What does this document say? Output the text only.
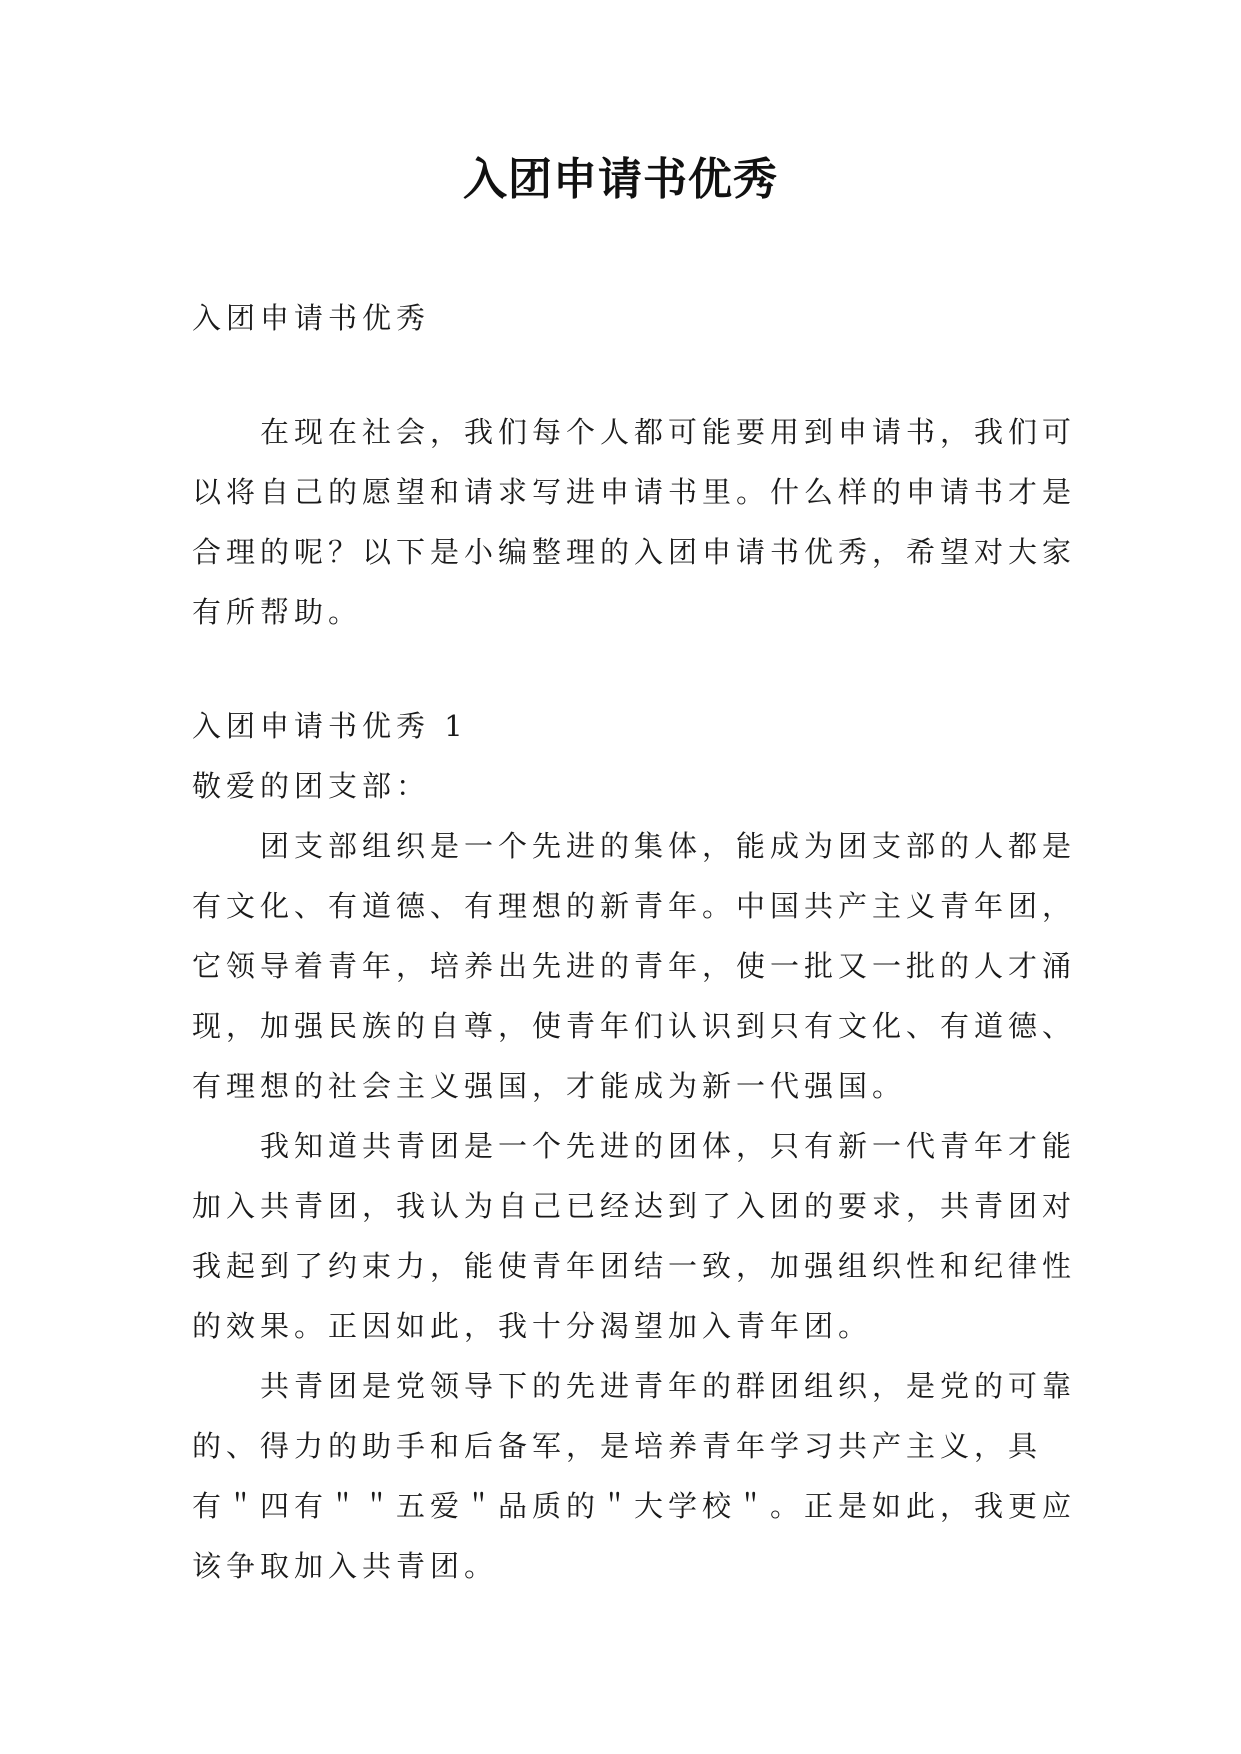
入团申请书优秀

入团申请书优秀

在现在社会，我们每个人都可能要用到申请书，我们可

以将自己的愿望和请求写进申请书里。什么样的申请书才是

合理的呢？以下是小编整理的入团申请书优秀，希望对大家

有所帮助。

入团申请书优秀 1

敬爱的团支部：

团支部组织是一个先进的集体，能成为团支部的人都是

有文化、有道德、有理想的新青年。中国共产主义青年团，

它领导着青年，培养出先进的青年，使一批又一批的人才涌

现，加强民族的自尊，使青年们认识到只有文化、有道德、

有理想的社会主义强国，才能成为新一代强国。

我知道共青团是一个先进的团体，只有新一代青年才能

加入共青团，我认为自己已经达到了入团的要求，共青团对

我起到了约束力，能使青年团结一致，加强组织性和纪律性

的效果。正因如此，我十分渴望加入青年团。

共青团是党领导下的先进青年的群团组织，是党的可靠

的、得力的助手和后备军，是培养青年学习共产主义，具

有＂四有＂＂五爱＂品质的＂大学校＂。正是如此，我更应

该争取加入共青团。
